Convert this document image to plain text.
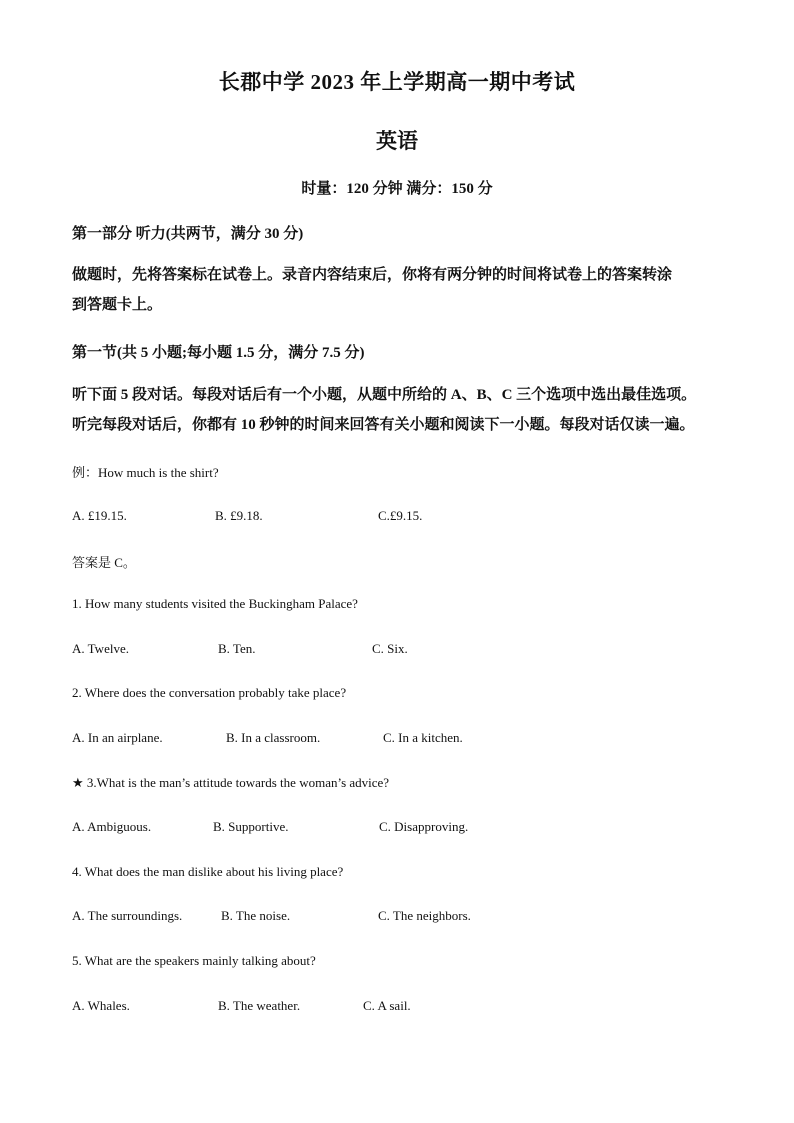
长郡中学 2023 年上学期高一期中考试
英语
时量：120 分钟 满分：150 分
第一部分 听力(共两节，满分 30 分)
做题时，先将答案标在试卷上。录音内容结束后，你将有两分钟的时间将试卷上的答案转涂
到答题卡上。
第一节(共 5 小题;每小题 1.5 分，满分 7.5 分)
听下面 5 段对话。每段对话后有一个小题，从题中所给的 A、B、C 三个选项中选出最佳选项。
听完每段对话后，你都有 10 秒钟的时间来回答有关小题和阅读下一小题。每段对话仅读一遍。
例：How much is the shirt?
A. £19.15.	B. £9.18.	C.£9.15.
答案是 C。
1. How many students visited the Buckingham Palace?
A. Twelve.	B. Ten.	C. Six.
2. Where does the conversation probably take place?
A. In an airplane.	B. In a classroom.	C. In a kitchen.
★ 3.What is the man’s attitude towards the woman’s advice?
A. Ambiguous.	B. Supportive.	C. Disapproving.
4. What does the man dislike about his living place?
A. The surroundings.	B. The noise.	C. The neighbors.
5. What are the speakers mainly talking about?
A. Whales.	B. The weather.	C. A sail.
